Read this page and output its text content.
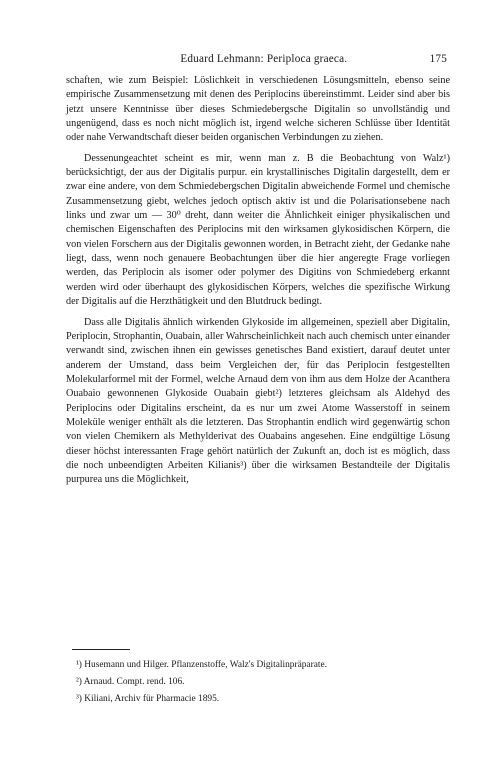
Eduard Lehmann: Periploca graeca.	175

schaften, wie zum Beispiel: Löslichkeit in verschiedenen Lösungsmitteln, ebenso seine empirische Zusammensetzung mit denen des Periplocins übereinstimmt. Leider sind aber bis jetzt unsere Kenntnisse über dieses Schmiedebergsche Digitalin so unvollständig und ungenügend, dass es noch nicht möglich ist, irgend welche sicheren Schlüsse über Identität oder nahe Verwandtschaft dieser beiden organischen Verbindungen zu ziehen.

Dessenungeachtet scheint es mir, wenn man z. B die Beobachtung von Walz¹) berücksichtigt, der aus der Digitalis purpur. ein krystallinisches Digitalin dargestellt, dem er zwar eine andere, von dem Schmiedebergschen Digitalin abweichende Formel und chemische Zusammensetzung giebt, welches jedoch optisch aktiv ist und die Polarisationsebene nach links und zwar um — 30⁰ dreht, dann weiter die Ähnlichkeit einiger physikalischen und chemischen Eigenschaften des Periplocins mit den wirksamen glykosidischen Körpern, die von vielen Forschern aus der Digitalis gewonnen worden, in Betracht zieht, der Gedanke nahe liegt, dass, wenn noch genauere Beobachtungen über die hier angeregte Frage vorliegen werden, das Periplocin als isomer oder polymer des Digitins von Schmiedeberg erkannt werden wird oder überhaupt des glykosidischen Körpers, welches die spezifische Wirkung der Digitalis auf die Herzthätigkeit und den Blutdruck bedingt.

Dass alle Digitalis ähnlich wirkenden Glykoside im allgemeinen, speziell aber Digitalin, Periplocin, Strophantin, Ouabain, aller Wahrscheinlichkeit nach auch chemisch unter einander verwandt sind, zwischen ihnen ein gewisses genetisches Band existiert, darauf deutet unter anderem der Umstand, dass beim Vergleichen der, für das Periplocin festgestellten Molekularformel mit der Formel, welche Arnaud dem von ihm aus dem Holze der Acanthera Ouabaio gewonnenen Glykoside Ouabain giebt²) letzteres gleichsam als Aldehyd des Periplocins oder Digitalins erscheint, da es nur um zwei Atome Wasserstoff in seinem Moleküle weniger enthält als die letzteren. Das Strophantin endlich wird gegenwärtig schon von vielen Chemikern als Methylderivat des Ouabains angesehen. Eine endgültige Lösung dieser höchst interessanten Frage gehört natürlich der Zukunft an, doch ist es möglich, dass die noch unbeendigten Arbeiten Kilianis³) über die wirksamen Bestandteile der Digitalis purpurea uns die Möglichkeit,

¹) Husemann und Hilger. Pflanzenstoffe, Walz's Digitalinpräparate.
²) Arnaud. Compt. rend. 106.
³) Kiliani, Archiv für Pharmacie 1895.
